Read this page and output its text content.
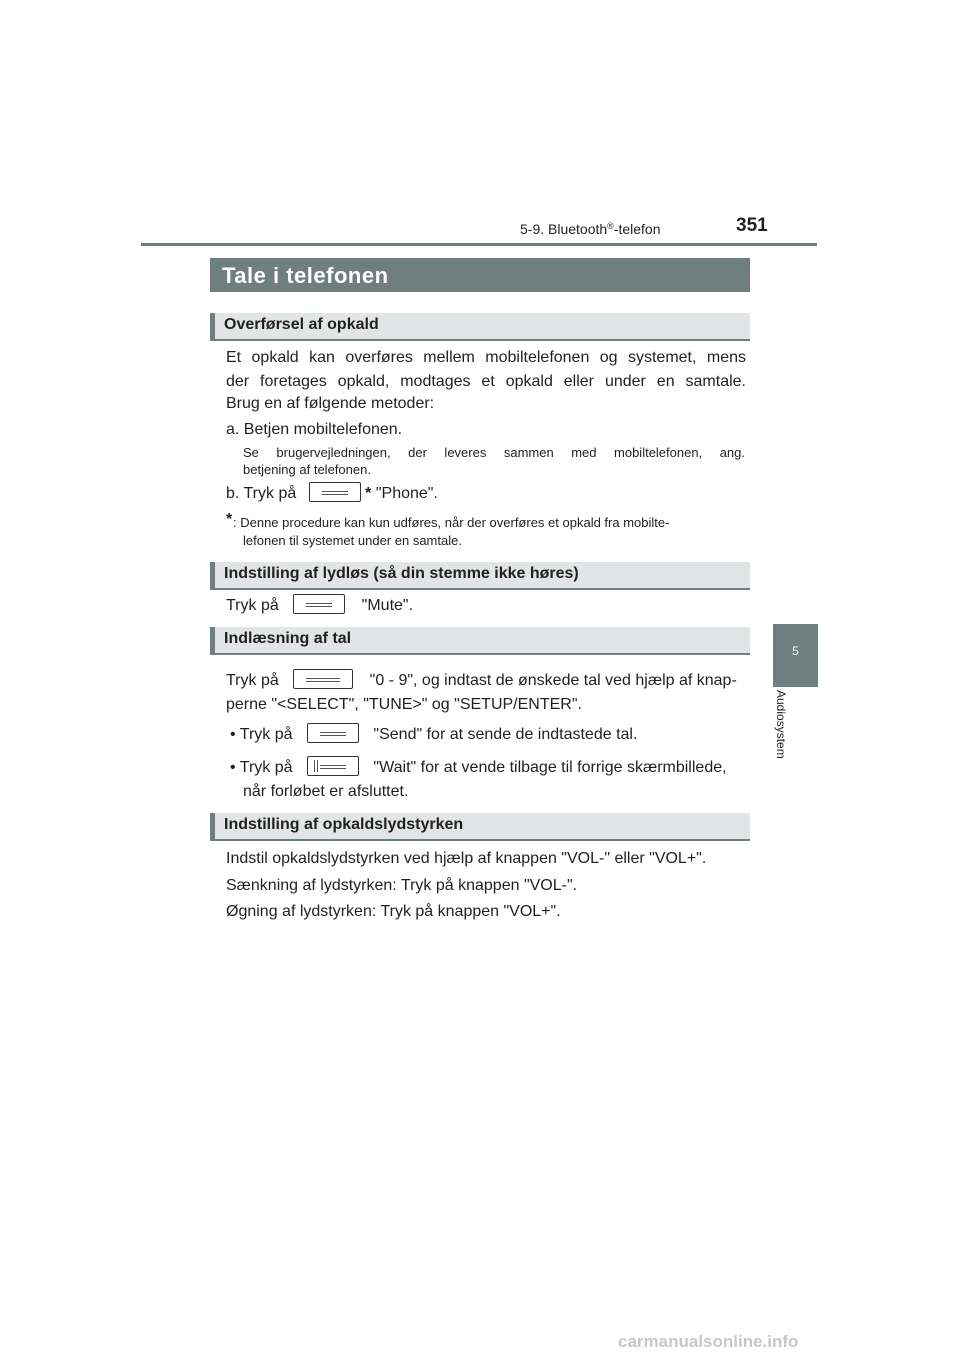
5-9. Bluetooth®-telefon	351
5
Audiosystem
Tale i telefonen
Overførsel af opkald
Et opkald kan overføres mellem mobiltelefonen og systemet, mens
der foretages opkald, modtages et opkald eller under en samtale.
Brug en af følgende metoder:
a. Betjen mobiltelefonen.
Se brugervejledningen, der leveres sammen med mobiltelefonen, ang.
betjening af telefonen.
b. Tryk på	* "Phone".
* : Denne procedure kan kun udføres, når der overføres et opkald fra mobilte-
lefonen til systemet under en samtale.
Indstilling af lydløs (så din stemme ikke høres)
Tryk på	"Mute".
Indlæsning af tal
Tryk på	"0 - 9", og indtast de ønskede tal ved hjælp af knap-
perne "<SELECT", "TUNE>" og "SETUP/ENTER".
• Tryk på	"Send" for at sende de indtastede tal.
• Tryk på	"Wait" for at vende tilbage til forrige skærmbillede,
når forløbet er afsluttet.
Indstilling af opkaldslydstyrken
Indstil opkaldslydstyrken ved hjælp af knappen "VOL-" eller "VOL+".
Sænkning af lydstyrken: Tryk på knappen "VOL-".
Øgning af lydstyrken: Tryk på knappen "VOL+".
carmanualsonline.info
